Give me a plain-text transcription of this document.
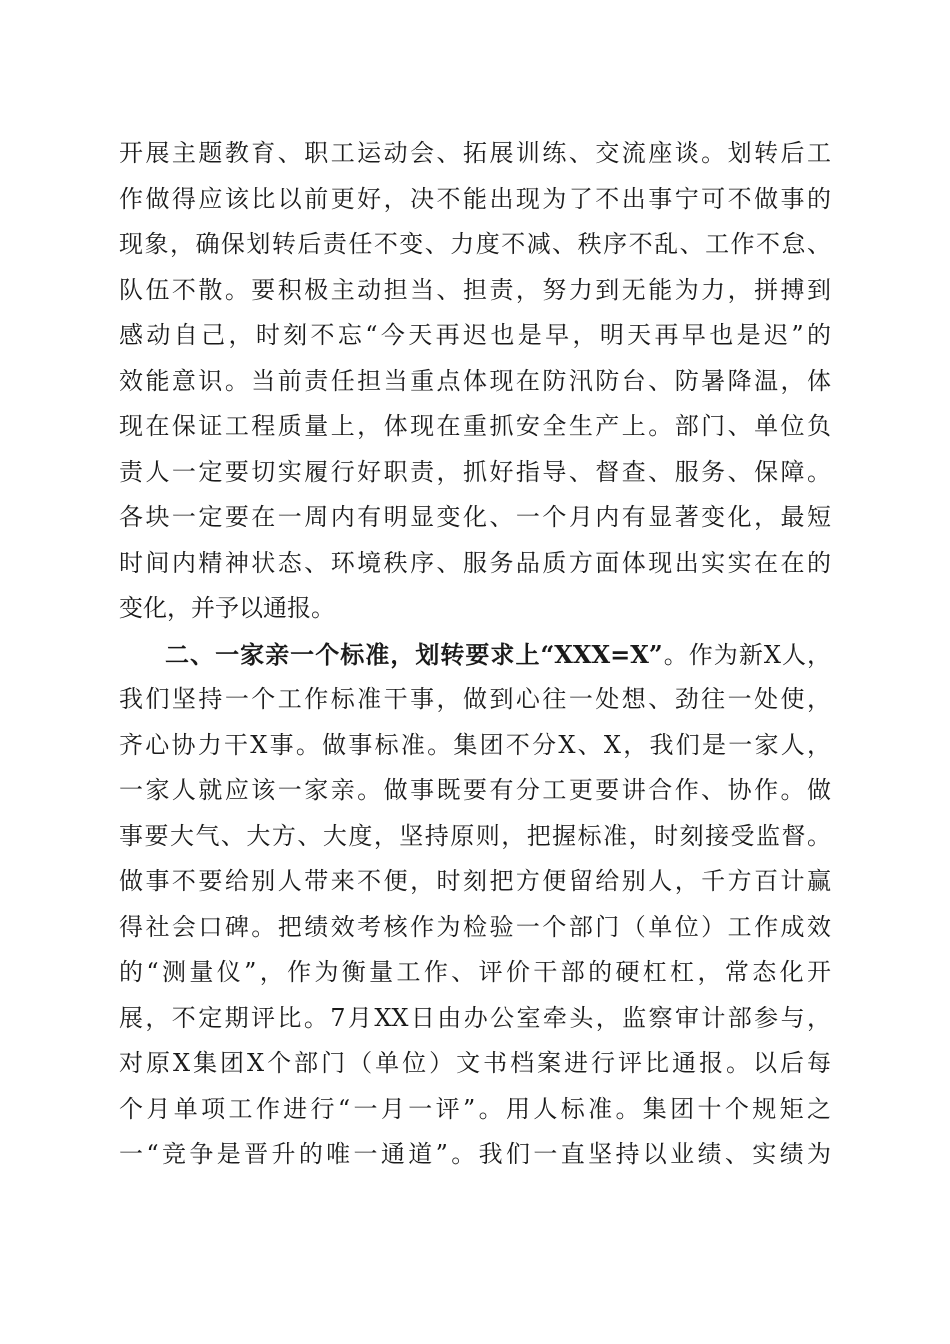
开展主题教育、职工运动会、拓展训练、交流座谈。划转后工
作做得应该比以前更好，决不能出现为了不出事宁可不做事的
现象，确保划转后责任不变、力度不减、秩序不乱、工作不怠、
队伍不散。要积极主动担当、担责，努力到无能为力，拼搏到
感动自己，时刻不忘“今天再迟也是早，明天再早也是迟”的
效能意识。当前责任担当重点体现在防汛防台、防暑降温，体
现在保证工程质量上，体现在重抓安全生产上。部门、单位负
责人一定要切实履行好职责，抓好指导、督查、服务、保障。
各块一定要在一周内有明显变化、一个月内有显著变化，最短
时间内精神状态、环境秩序、服务品质方面体现出实实在在的
变化，并予以通报。
二、一家亲一个标准，划转要求上“XXX=X”。作为新X人，
我们坚持一个工作标准干事，做到心往一处想、劲往一处使，
齐心协力干X事。做事标准。集团不分X、X，我们是一家人，
一家人就应该一家亲。做事既要有分工更要讲合作、协作。做
事要大气、大方、大度，坚持原则，把握标准，时刻接受监督。
做事不要给别人带来不便，时刻把方便留给别人，千方百计赢
得社会口碑。把绩效考核作为检验一个部门（单位）工作成效
的“测量仪”，作为衡量工作、评价干部的硬杠杠，常态化开
展，不定期评比。7月XX日由办公室牵头，监察审计部参与，
对原X集团X个部门（单位）文书档案进行评比通报。以后每
个月单项工作进行“一月一评”。用人标准。集团十个规矩之
一“竞争是晋升的唯一通道”。我们一直坚持以业绩、实绩为
